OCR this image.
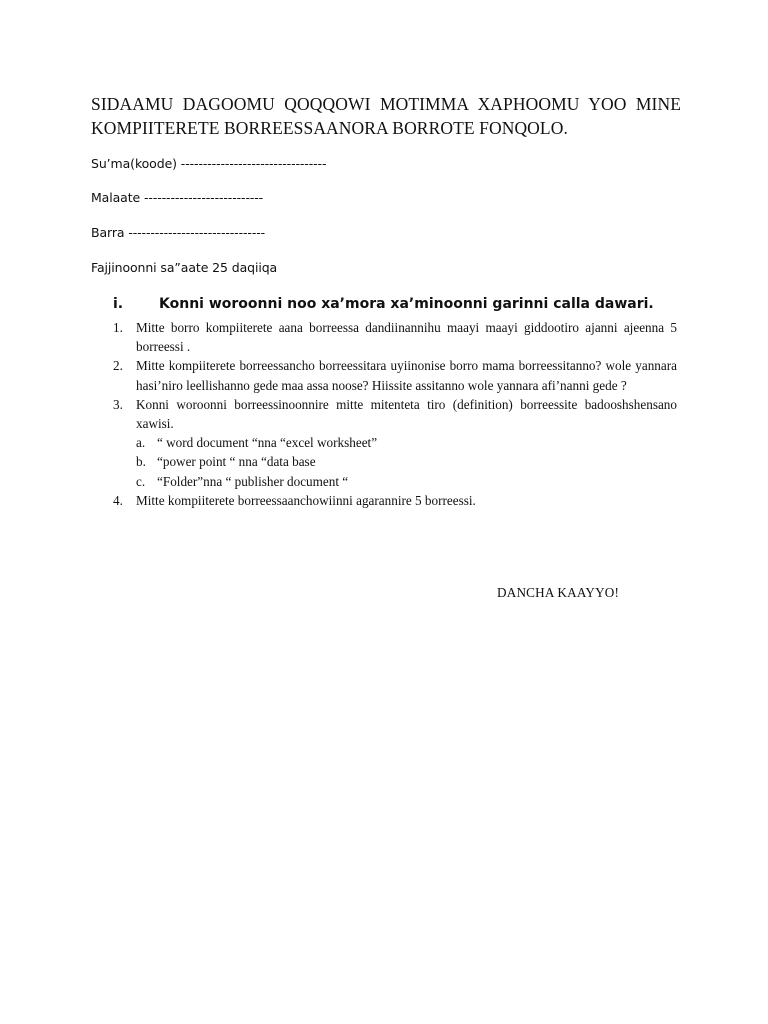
SIDAAMU DAGOOMU QOQQOWI MOTIMMA XAPHOOMU YOO MINE KOMPIITERETE BORREESSAANORA BORROTE FONQOLO.
Su’ma(koode) ---------------------------------
Malaate ---------------------------
Barra -------------------------------
Fajjinoonni sa”aate 25 daqiiqa
i.	Konni woroonni noo xa’mora xa’minoonni garinni calla dawari.
1. Mitte borro kompiiterete aana borreessa dandiinannihu maayi maayi giddootiro ajanni ajeenna 5 borreessi .
2. Mitte kompiiterete borreessancho borreessitara uyiinonise borro mama borreessitanno? wole yannara hasi’niro leellishanno gede maa assa noose? Hiissite assitanno wole yannara afi’nanni gede ?
3. Konni woroonni borreessinoonnire mitte mitenteta tiro (definition) borreessite badooshshensano xawisi.
a. “ word document “nna “excel worksheet”
b. “power point “ nna “data base
c. “Folder”nna “ publisher document “
4. Mitte kompiiterete borreessaanchowiinni agarannire 5 borreessi.
DANCHA KAAYYO!
